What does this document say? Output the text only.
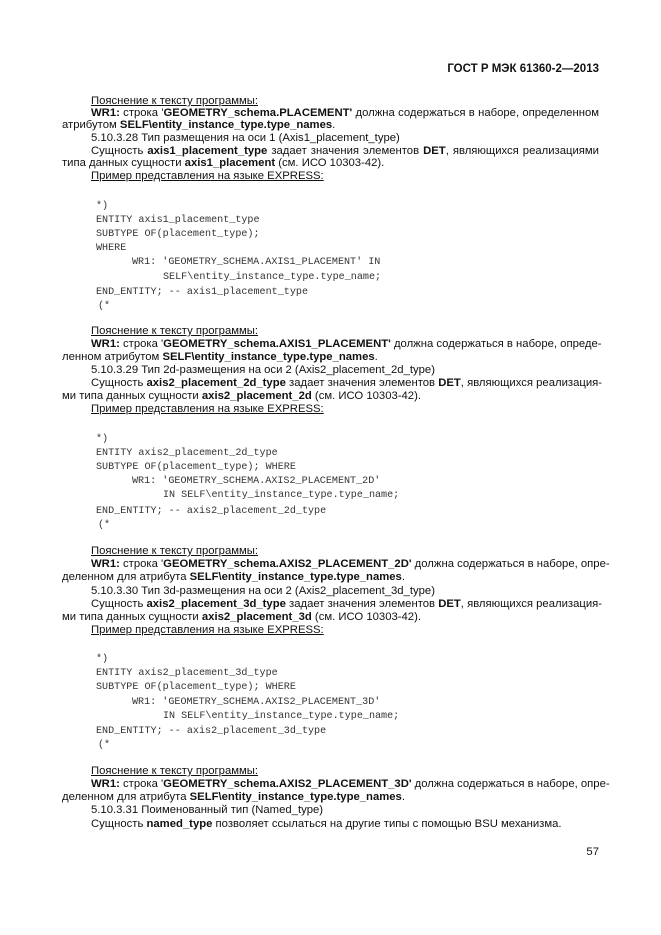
ГОСТ Р МЭК 61360-2—2013
Пояснение к тексту программы:
WR1: строка 'GEOMETRY_schema.PLACEMENT' должна содержаться в наборе, определенном
атрибутом SELF\entity_instance_type.type_names.
5.10.3.28 Тип размещения на оси 1 (Axis1_placement_type)
Сущность axis1_placement_type задает значения элементов DET, являющихся реализациями
типа данных сущности axis1_placement (см. ИСО 10303-42).
Пример представления на языке EXPRESS:
*)
ENTITY axis1_placement_type
SUBTYPE OF(placement_type);
WHERE
WR1: 'GEOMETRY_SCHEMA.AXIS1_PLACEMENT' IN
SELF\entity_instance_type.type_name;
END_ENTITY; -- axis1_placement_type
(*
Пояснение к тексту программы:
WR1: строка 'GEOMETRY_schema.AXIS1_PLACEMENT' должна содержаться в наборе, опреде-
ленном атрибутом SELF\entity_instance_type.type_names.
5.10.3.29 Тип 2d-размещения на оси 2 (Axis2_placement_2d_type)
Сущность axis2_placement_2d_type задает значения элементов DET, являющихся реализация-
ми типа данных сущности axis2_placement_2d (см. ИСО 10303-42).
Пример представления на языке EXPRESS:
*)
ENTITY axis2_placement_2d_type
SUBTYPE OF(placement_type); WHERE
WR1: 'GEOMETRY_SCHEMA.AXIS2_PLACEMENT_2D'
IN SELF\entity_instance_type.type_name;
END_ENTITY; -- axis2_placement_2d_type
(*
Пояснение к тексту программы:
WR1: строка 'GEOMETRY_schema.AXIS2_PLACEMENT_2D' должна содержаться в наборе, опре-
деленном для атрибута SELF\entity_instance_type.type_names.
5.10.3.30 Тип 3d-размещения на оси 2 (Axis2_placement_3d_type)
Сущность axis2_placement_3d_type задает значения элементов DET, являющихся реализация-
ми типа данных сущности axis2_placement_3d (см. ИСО 10303-42).
Пример представления на языке EXPRESS:
*)
ENTITY axis2_placement_3d_type
SUBTYPE OF(placement_type); WHERE
WR1: 'GEOMETRY_SCHEMA.AXIS2_PLACEMENT_3D'
IN SELF\entity_instance_type.type_name;
END_ENTITY; -- axis2_placement_3d_type
(*
Пояснение к тексту программы:
WR1: строка 'GEOMETRY_schema.AXIS2_PLACEMENT_3D' должна содержаться в наборе, опре-
деленном для атрибута SELF\entity_instance_type.type_names.
5.10.3.31 Поименованный тип (Named_type)
Сущность named_type позволяет ссылаться на другие типы с помощью BSU механизма.
57
